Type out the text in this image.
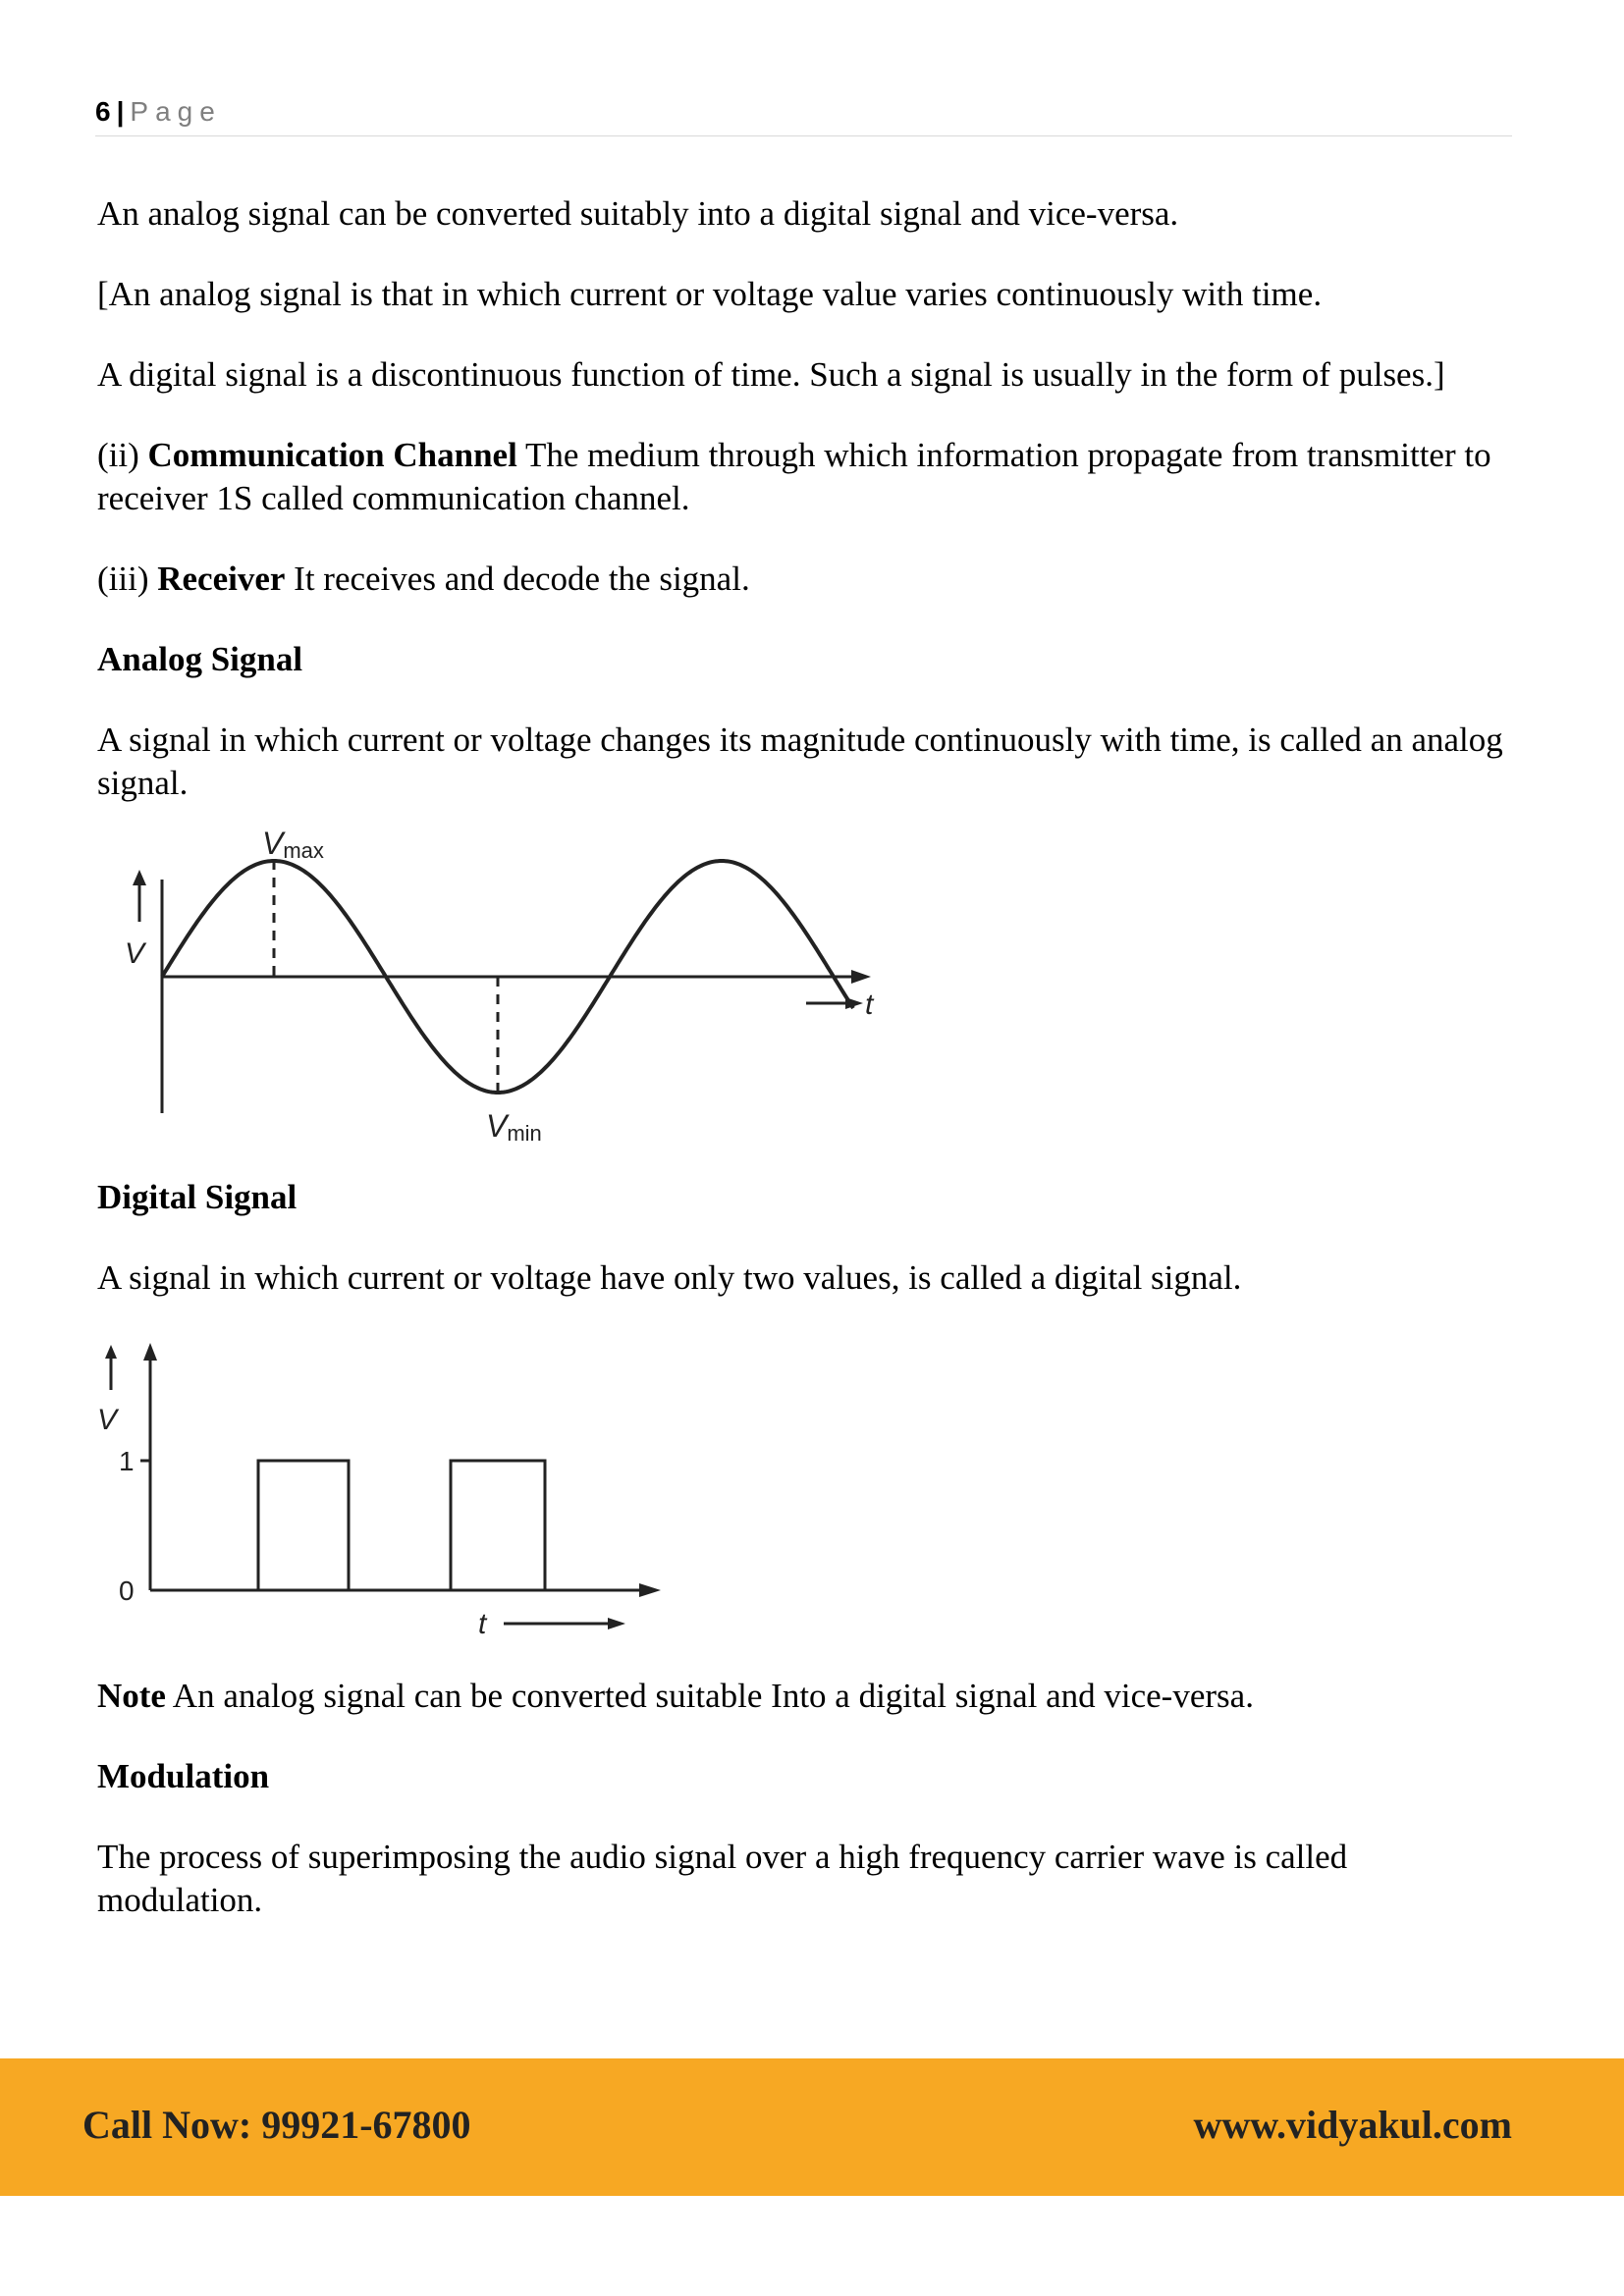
6 | Page

An analog signal can be converted suitably into a digital signal and vice-versa.

[An analog signal is that in which current or voltage value varies continuously with time.

A digital signal is a discontinuous function of time. Such a signal is usually in the form of pulses.]

(ii) Communication Channel The medium through which information propagate from transmitter to receiver 1S called communication channel.

(iii) Receiver It receives and decode the signal.

Analog Signal

A signal in which current or voltage changes its magnitude continuously with time, is called an analog signal.

V
t
Vmax
Vmin
Digital Signal

A signal in which current or voltage have only two values, is called a digital signal.

V
1
0
t

Note An analog signal can be converted suitable Into a digital signal and vice-versa.

Modulation

The process of superimposing the audio signal over a high frequency carrier wave is called modulation.

Call Now: 99921-67800	www.vidyakul.com
